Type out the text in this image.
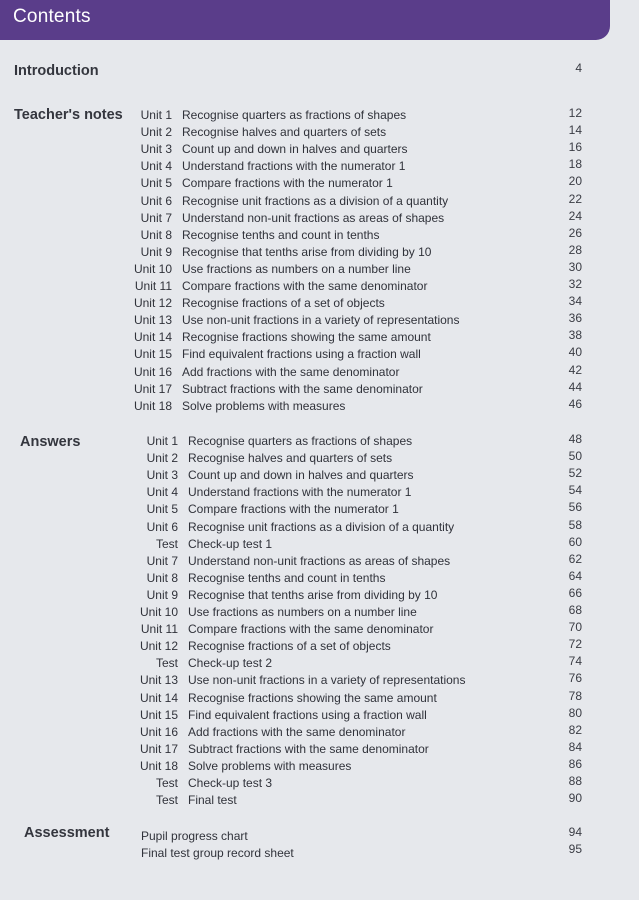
Contents
Introduction	4
Teacher's notes	Unit 1 Recognise quarters as fractions of shapes	12
Unit 2 Recognise halves and quarters of sets	14
Unit 3 Count up and down in halves and quarters	16
Unit 4 Understand fractions with the numerator 1	18
Unit 5 Compare fractions with the numerator 1	20
Unit 6 Recognise unit fractions as a division of a quantity	22
Unit 7 Understand non-unit fractions as areas of shapes	24
Unit 8 Recognise tenths and count in tenths	26
Unit 9 Recognise that tenths arise from dividing by 10	28
Unit 10 Use fractions as numbers on a number line	30
Unit 11 Compare fractions with the same denominator	32
Unit 12 Recognise fractions of a set of objects	34
Unit 13 Use non-unit fractions in a variety of representations	36
Unit 14 Recognise fractions showing the same amount	38
Unit 15 Find equivalent fractions using a fraction wall	40
Unit 16 Add fractions with the same denominator	42
Unit 17 Subtract fractions with the same denominator	44
Unit 18 Solve problems with measures	46
Answers	Unit 1 Recognise quarters as fractions of shapes	48
Unit 2 Recognise halves and quarters of sets	50
Unit 3 Count up and down in halves and quarters	52
Unit 4 Understand fractions with the numerator 1	54
Unit 5 Compare fractions with the numerator 1	56
Unit 6 Recognise unit fractions as a division of a quantity	58
Test Check-up test 1	60
Unit 7 Understand non-unit fractions as areas of shapes	62
Unit 8 Recognise tenths and count in tenths	64
Unit 9 Recognise that tenths arise from dividing by 10	66
Unit 10 Use fractions as numbers on a number line	68
Unit 11 Compare fractions with the same denominator	70
Unit 12 Recognise fractions of a set of objects	72
Test Check-up test 2	74
Unit 13 Use non-unit fractions in a variety of representations	76
Unit 14 Recognise fractions showing the same amount	78
Unit 15 Find equivalent fractions using a fraction wall	80
Unit 16 Add fractions with the same denominator	82
Unit 17 Subtract fractions with the same denominator	84
Unit 18 Solve problems with measures	86
Test Check-up test 3	88
Test Final test	90
Assessment	Pupil progress chart	94
Final test group record sheet	95
